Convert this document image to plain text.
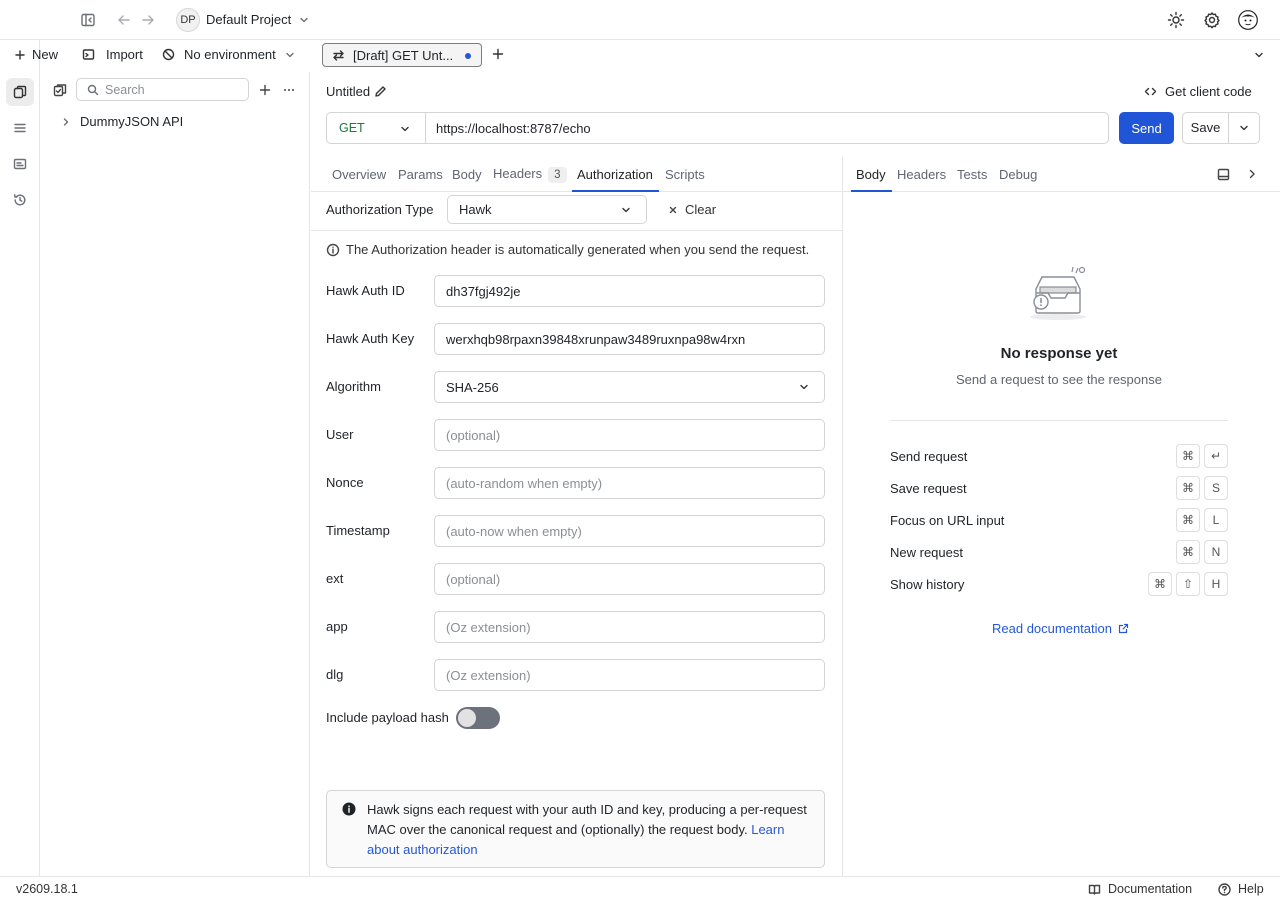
DP Default Project
New	Import	No environment
Search
DummyJSON API
[Draft] GET Unt...
Untitled	Get client code
GET	https://localhost:8787/echo	Send	Save
Overview Params Body Headers 3	Authorization Scripts
Authorization Type Hawk	Clear
The Authorization header is automatically generated when you send the request.
Hawk Auth ID	dh37fgj492je
Hawk Auth Key werxhqb98rpaxn39848xrunpaw3489ruxnpa98w4rxn
Algorithm	SHA-256
User	(optional)
Nonce	(auto-random when empty)
Timestamp	(auto-now when empty)
ext	(optional)
app	(Oz extension)
dlg	(Oz extension)
Include payload hash
Hawk signs each request with your auth ID and key, producing a per-request MAC over the canonical request and (optionally) the request body. Learn about authorization
Body Headers Tests Debug
No response yet
Send a request to see the response
Send request	⌘	↵
Save request	⌘	S
Focus on URL input	⌘	L
New request	⌘	N
Show history	⌘	⇧	H
Read documentation
v2609.18.1	Documentation	Help
